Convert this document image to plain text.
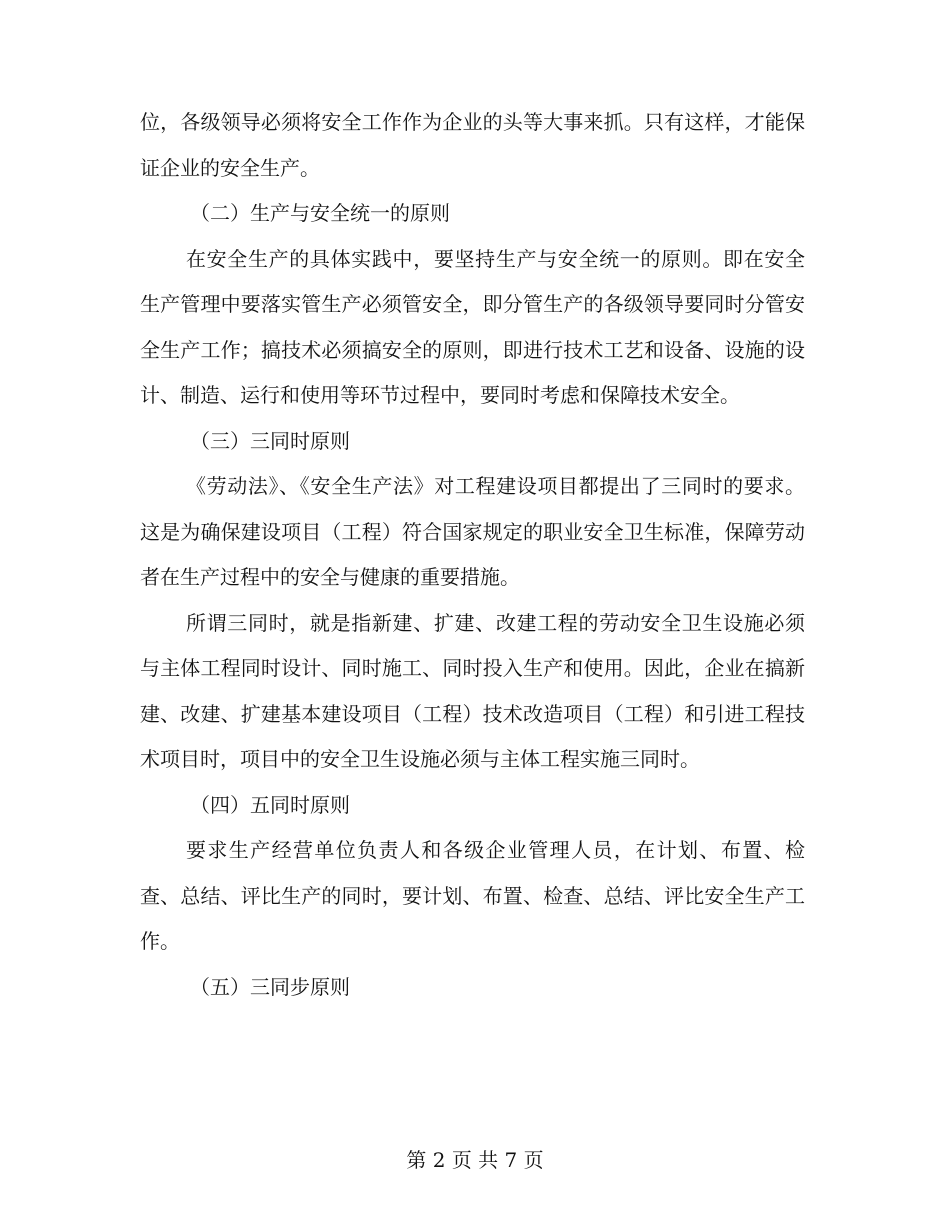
位，各级领导必须将安全工作作为企业的头等大事来抓。只有这样，才能保证企业的安全生产。

（二）生产与安全统一的原则

在安全生产的具体实践中，要坚持生产与安全统一的原则。即在安全生产管理中要落实管生产必须管安全，即分管生产的各级领导要同时分管安全生产工作；搞技术必须搞安全的原则，即进行技术工艺和设备、设施的设计、制造、运行和使用等环节过程中，要同时考虑和保障技术安全。

（三）三同时原则

《劳动法》、《安全生产法》对工程建设项目都提出了三同时的要求。这是为确保建设项目（工程）符合国家规定的职业安全卫生标准，保障劳动者在生产过程中的安全与健康的重要措施。

所谓三同时，就是指新建、扩建、改建工程的劳动安全卫生设施必须与主体工程同时设计、同时施工、同时投入生产和使用。因此，企业在搞新建、改建、扩建基本建设项目（工程）技术改造项目（工程）和引进工程技术项目时，项目中的安全卫生设施必须与主体工程实施三同时。

（四）五同时原则

要求生产经营单位负责人和各级企业管理人员，在计划、布置、检查、总结、评比生产的同时，要计划、布置、检查、总结、评比安全生产工作。

（五）三同步原则

第 2 页 共 7 页
